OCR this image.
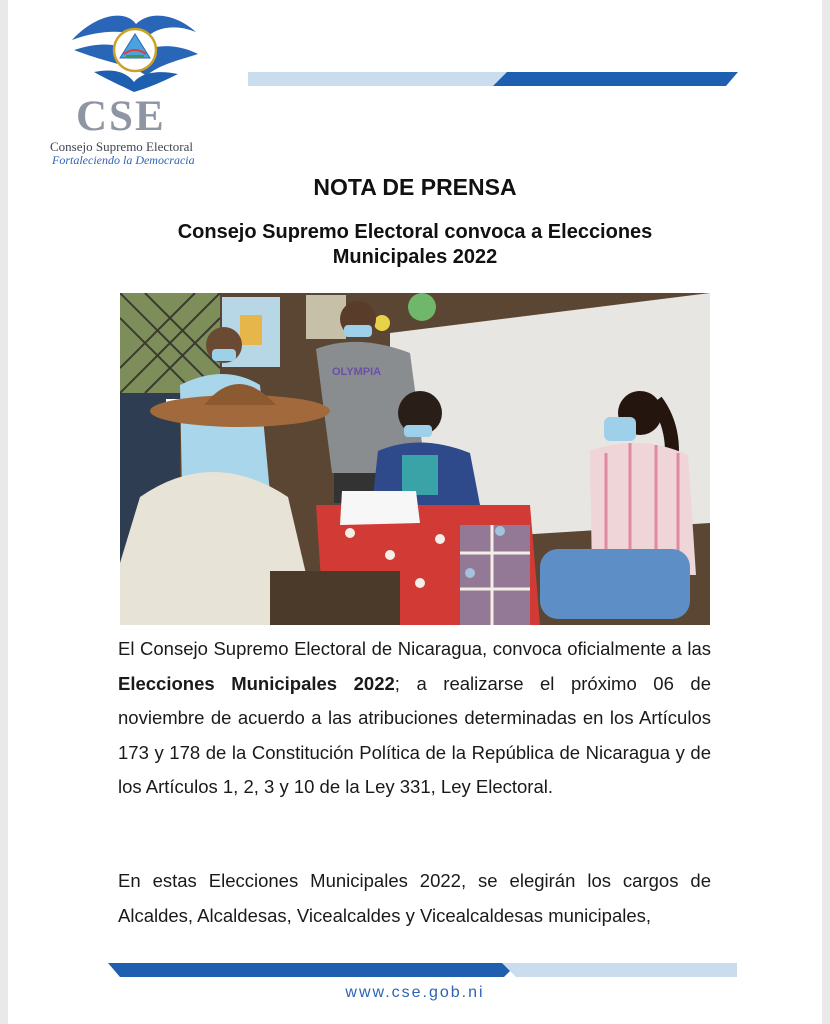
CSE
Consejo Supremo Electoral
Fortaleciendo la Democracia
NOTA DE PRENSA
Consejo Supremo Electoral convoca a Elecciones Municipales 2022
OLYMPIA
El Consejo Supremo Electoral de Nicaragua, convoca oficialmente a las Elecciones Municipales 2022; a realizarse el próximo 06 de noviembre de acuerdo a las atribuciones determinadas en los Artículos 173 y 178 de la Constitución Política de la República de Nicaragua y de los Artículos 1, 2, 3 y 10 de la Ley 331, Ley Electoral.
En estas Elecciones Municipales 2022, se elegirán los cargos de Alcaldes, Alcaldesas, Vicealcaldes y Vicealcaldesas municipales,
www.cse.gob.ni
